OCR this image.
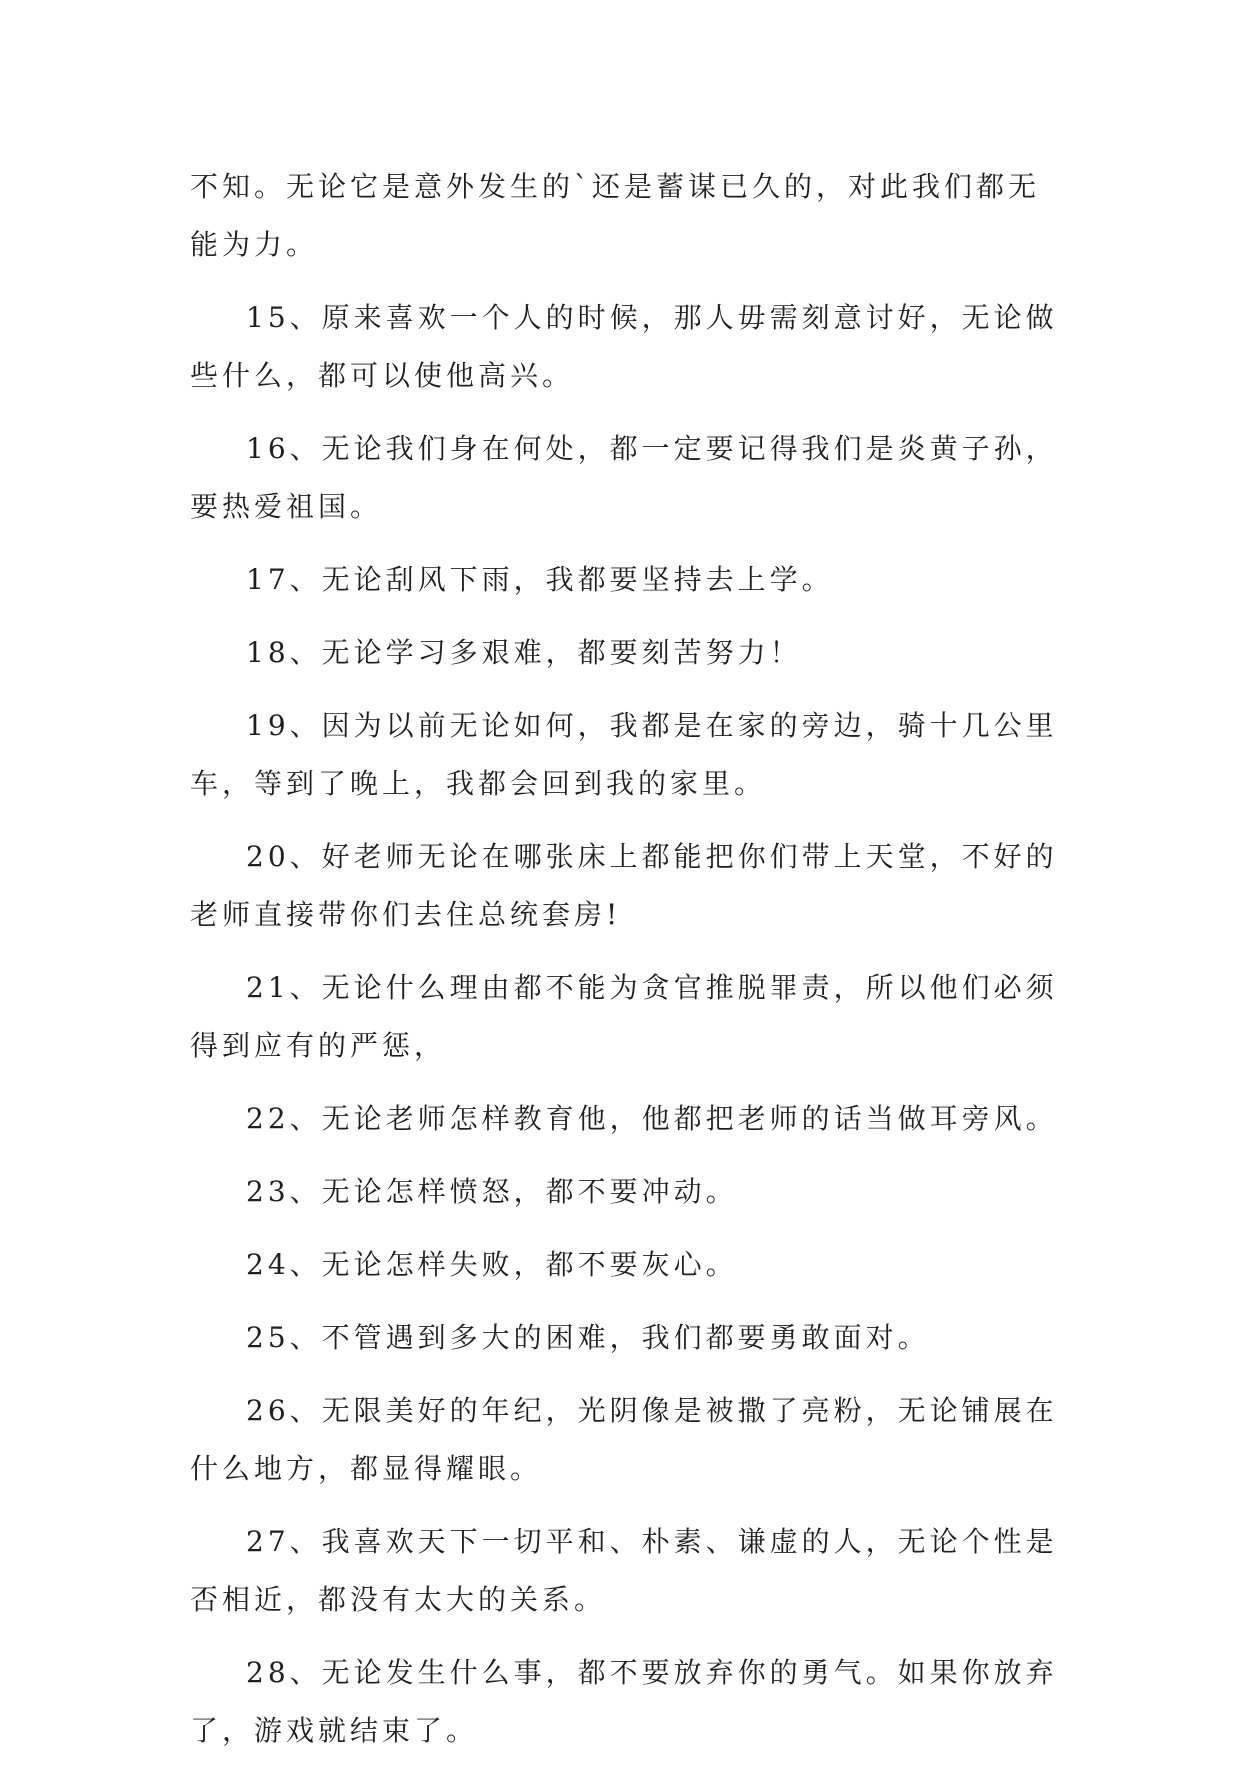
不知。无论它是意外发生的`还是蓄谋已久的，对此我们都无能为力。

15、原来喜欢一个人的时候，那人毋需刻意讨好，无论做些什么，都可以使他高兴。

16、无论我们身在何处，都一定要记得我们是炎黄子孙，要热爱祖国。

17、无论刮风下雨，我都要坚持去上学。

18、无论学习多艰难，都要刻苦努力！

19、因为以前无论如何，我都是在家的旁边，骑十几公里车，等到了晚上，我都会回到我的家里。

20、好老师无论在哪张床上都能把你们带上天堂，不好的老师直接带你们去住总统套房!

21、无论什么理由都不能为贪官推脱罪责，所以他们必须得到应有的严惩，

22、无论老师怎样教育他，他都把老师的话当做耳旁风。

23、无论怎样愤怒，都不要冲动。

24、无论怎样失败，都不要灰心。

25、不管遇到多大的困难，我们都要勇敢面对。

26、无限美好的年纪，光阴像是被撒了亮粉，无论铺展在什么地方，都显得耀眼。

27、我喜欢天下一切平和、朴素、谦虚的人，无论个性是否相近，都没有太大的关系。

28、无论发生什么事，都不要放弃你的勇气。如果你放弃了，游戏就结束了。
